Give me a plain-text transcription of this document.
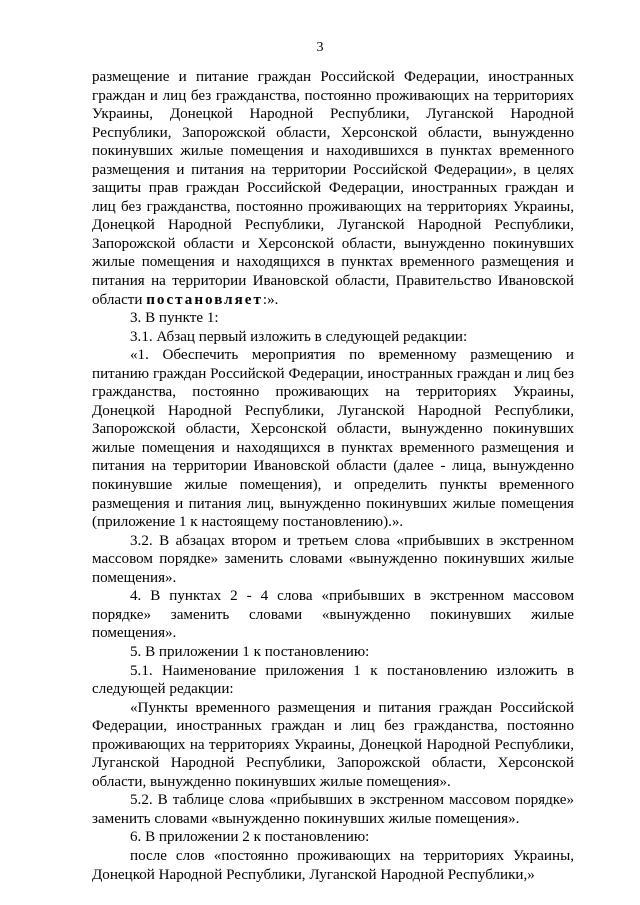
3

размещение и питание граждан Российской Федерации, иностранных граждан и лиц без гражданства, постоянно проживающих на территориях Украины, Донецкой Народной Республики, Луганской Народной Республики, Запорожской области, Херсонской области, вынужденно покинувших жилые помещения и находившихся в пунктах временного размещения и питания на территории Российской Федерации», в целях защиты прав граждан Российской Федерации, иностранных граждан и лиц без гражданства, постоянно проживающих на территориях Украины, Донецкой Народной Республики, Луганской Народной Республики, Запорожской области и Херсонской области, вынужденно покинувших жилые помещения и находящихся в пунктах временного размещения и питания на территории Ивановской области, Правительство Ивановской области постановляет:».

3. В пункте 1:

3.1. Абзац первый изложить в следующей редакции:

«1. Обеспечить мероприятия по временному размещению и питанию граждан Российской Федерации, иностранных граждан и лиц без гражданства, постоянно проживающих на территориях Украины, Донецкой Народной Республики, Луганской Народной Республики, Запорожской области, Херсонской области, вынужденно покинувших жилые помещения и находящихся в пунктах временного размещения и питания на территории Ивановской области (далее - лица, вынужденно покинувшие жилые помещения), и определить пункты временного размещения и питания лиц, вынужденно покинувших жилые помещения (приложение 1 к настоящему постановлению).».

3.2. В абзацах втором и третьем слова «прибывших в экстренном массовом порядке» заменить словами «вынужденно покинувших жилые помещения».

4. В пунктах 2 - 4 слова «прибывших в экстренном массовом порядке» заменить словами «вынужденно покинувших жилые помещения».

5. В приложении 1 к постановлению:

5.1. Наименование приложения 1 к постановлению изложить в следующей редакции:

«Пункты временного размещения и питания граждан Российской Федерации, иностранных граждан и лиц без гражданства, постоянно проживающих на территориях Украины, Донецкой Народной Республики, Луганской Народной Республики, Запорожской области, Херсонской области, вынужденно покинувших жилые помещения».

5.2. В таблице слова «прибывших в экстренном массовом порядке» заменить словами «вынужденно покинувших жилые помещения».

6. В приложении 2 к постановлению:

после слов «постоянно проживающих на территориях Украины, Донецкой Народной Республики, Луганской Народной Республики,»
